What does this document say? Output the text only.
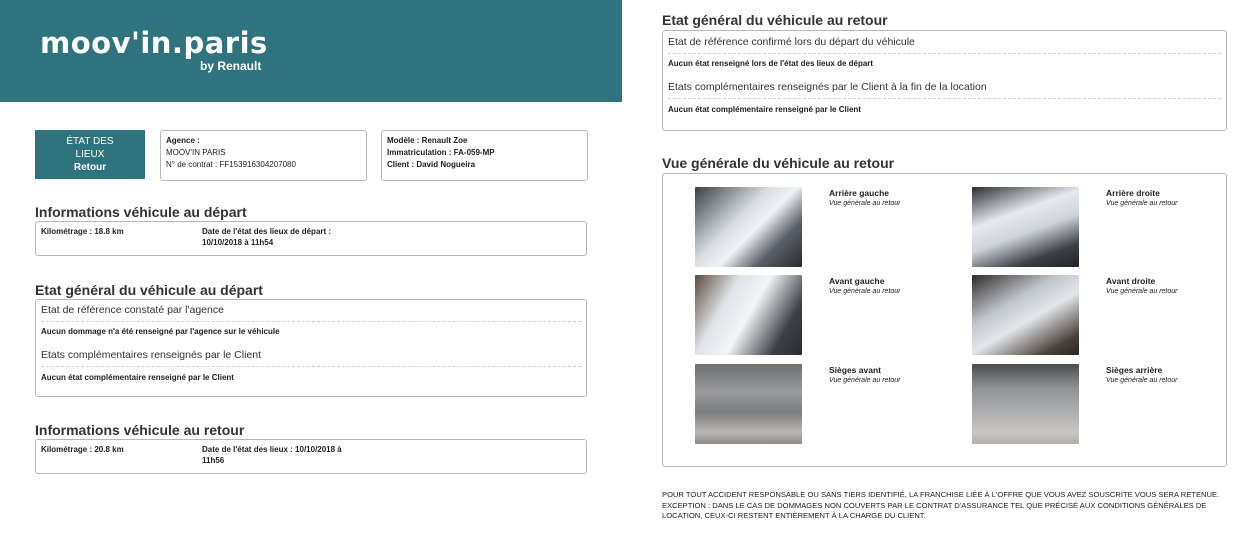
moov'in.paris
by Renault
ÉTAT DES
LIEUX
Retour
Agence :
MOOV'IN PARIS
N° de contrat : FF153916304207080
Modèle : Renault Zoe
Immatriculation : FA-059-MP
Client : David Nogueira
Informations véhicule au départ
Kilométrage : 18.8 km	Date de l'état des lieux de départ :
10/10/2018 à 11h54
Etat général du véhicule au départ
Etat de référence constaté par l'agence
Aucun dommage n'a été renseigné par l'agence sur le véhicule
Etats complémentaires renseignés par le Client
Aucun état complémentaire renseigné par le Client
Informations véhicule au retour
Kilométrage : 20.8 km	Date de l'état des lieux : 10/10/2018 à
11h56
Etat général du véhicule au retour
Etat de référence confirmé lors du départ du véhicule
Aucun état renseigné lors de l'état des lieux de départ
Etats complémentaires renseignés par le Client à la fin de la location
Aucun état complémentaire renseigné par le Client
Vue générale du véhicule au retour
Arrière gauche
Vue générale au retour
Arrière droite
Vue générale au retour
Avant gauche
Vue générale au retour
Avant droite
Vue générale au retour
Sièges avant
Vue générale au retour
Sièges arrière
Vue générale au retour
POUR TOUT ACCIDENT RESPONSABLE OU SANS TIERS IDENTIFIÉ, LA FRANCHISE LIÉE À L'OFFRE QUE VOUS AVEZ SOUSCRITE VOUS SERA RETENUE. EXCEPTION : DANS LE CAS DE DOMMAGES NON COUVERTS PAR LE CONTRAT D'ASSURANCE TEL QUE PRÉCISÉ AUX CONDITIONS GÉNÉRALES DE LOCATION, CEUX-CI RESTENT ENTIÈREMENT À LA CHARGE DU CLIENT.
